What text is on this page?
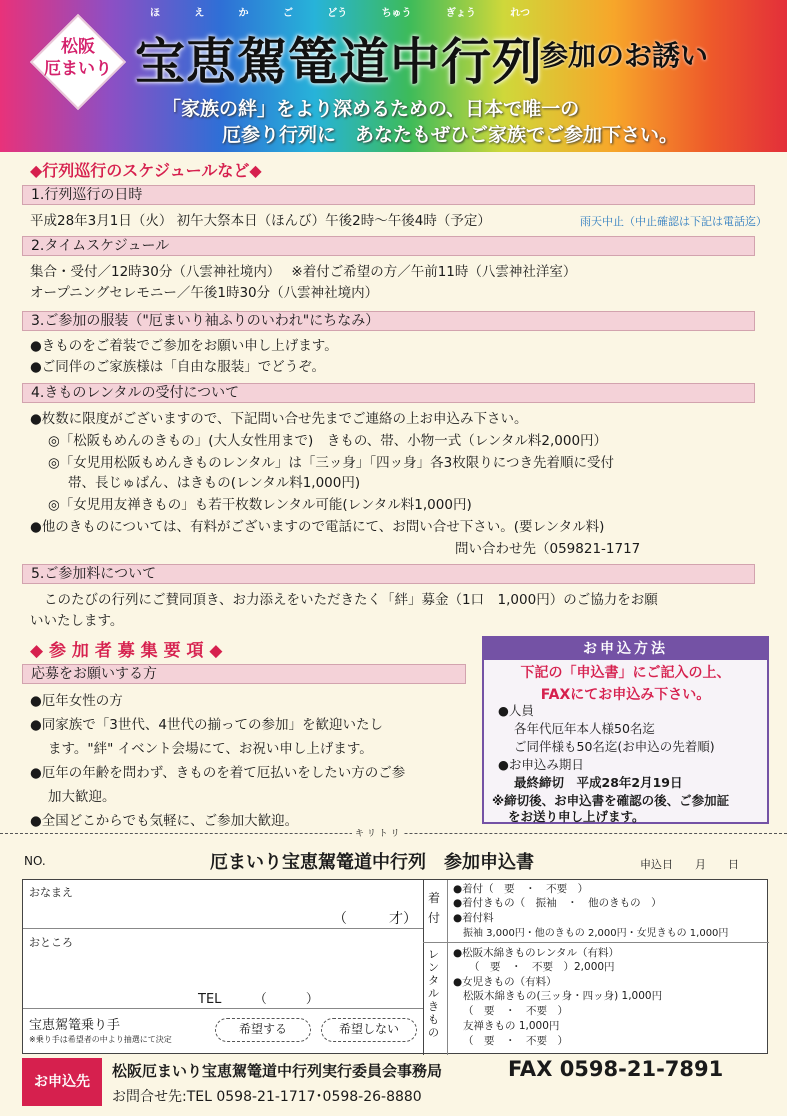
松阪
厄まいり
ほ	え	か	ご	どう	ちゅう	ぎょう	れつ
宝恵駕篭道中行列
参加のお誘い
「家族の絆」をより深めるための、日本で唯一の
厄参り行列に　あなたもぜひご家族でご参加下さい。
◆行列巡行のスケジュールなど◆
1.行列巡行の日時
平成28年3月1日（火） 初午大祭本日（ほんび）午後2時〜午後4時（予定）	雨天中止（中止確認は下記は電話迄）
2.タイムスケジュール
集合・受付／12時30分（八雲神社境内）　 ※着付ご希望の方／午前11時（八雲神社洋室）
オープニングセレモニー／午後1時30分（八雲神社境内）
3.ご参加の服装（"厄まいり袖ふりのいわれ"にちなみ）
●きものをご着装でご参加をお願い申し上げます。
●ご同伴のご家族様は「自由な服装」でどうぞ。
4.きものレンタルの受付について
●枚数に限度がございますので、下記問い合せ先までご連絡の上お申込み下さい。
◎「松阪もめんのきもの」(大人女性用まで)　きもの、帯、小物一式（レンタル料2,000円）
◎「女児用松阪もめんきものレンタル」は「三ッ身」「四ッ身」各3枚限りにつき先着順に受付
帯、長じゅばん、はきもの(レンタル料1,000円)
◎「女児用友禅きもの」も若干枚数レンタル可能(レンタル料1,000円)
●他のきものについては、有料がございますので電話にて、お問い合せ下さい。(要レンタル料)
問い合わせ先（059821-1717
5.ご参加料について
このたびの行列にご賛同頂き、お力添えをいただきたく「絆」募金（1口　1,000円）のご協力をお願
いいたします。
◆ 参 加 者 募 集 要 項 ◆
応募をお願いする方
●厄年女性の方
●同家族で「3世代、4世代の揃っての参加」を歓迎いたし
ます。"絆" イベント会場にて、お祝い申し上げます。
●厄年の年齢を問わず、きものを着て厄払いをしたい方のご参
加大歓迎。
●全国どこからでも気軽に、ご参加大歓迎。
お申込方法
下記の「申込書」にご記入の上、
FAXにてお申込み下さい。
●人員
各年代厄年本人様50名迄
ご同伴様も50名迄(お申込の先着順)
●お申込み期日
最終締切　平成28年2月19日
※締切後、お申込書を確認の後、ご参加証
をお送り申し上げます。
キ リ ト リ
NO.	厄まいり宝恵駕篭道中行列　参加申込書	申込日　　月　　日
おなまえ
（　　　才）
おところ
TEL　　　（　　　）
宝恵駕篭乗り手
※乗り手は希望者の中より抽選にて決定
希望する	希望しない
着付
●着付（　要　・　不要　）
●着付きもの（　振袖　・　他のきもの　）
●着付料
振袖 3,000円・他のきもの 2,000円・女児きもの 1,000円
レンタルきもの
●松阪木綿きものレンタル（有料）
（　要　・　不要　）2,000円
●女児きもの（有料）
松阪木綿きもの(三ッ身・四ッ身) 1,000円
（　要　・　不要　）
友禅きもの 1,000円
（　要　・　不要　）
お申込先
松阪厄まいり宝恵駕篭道中行列実行委員会事務局	FAX 0598-21-7891
お問合せ先:TEL 0598-21-1717･0598-26-8880
